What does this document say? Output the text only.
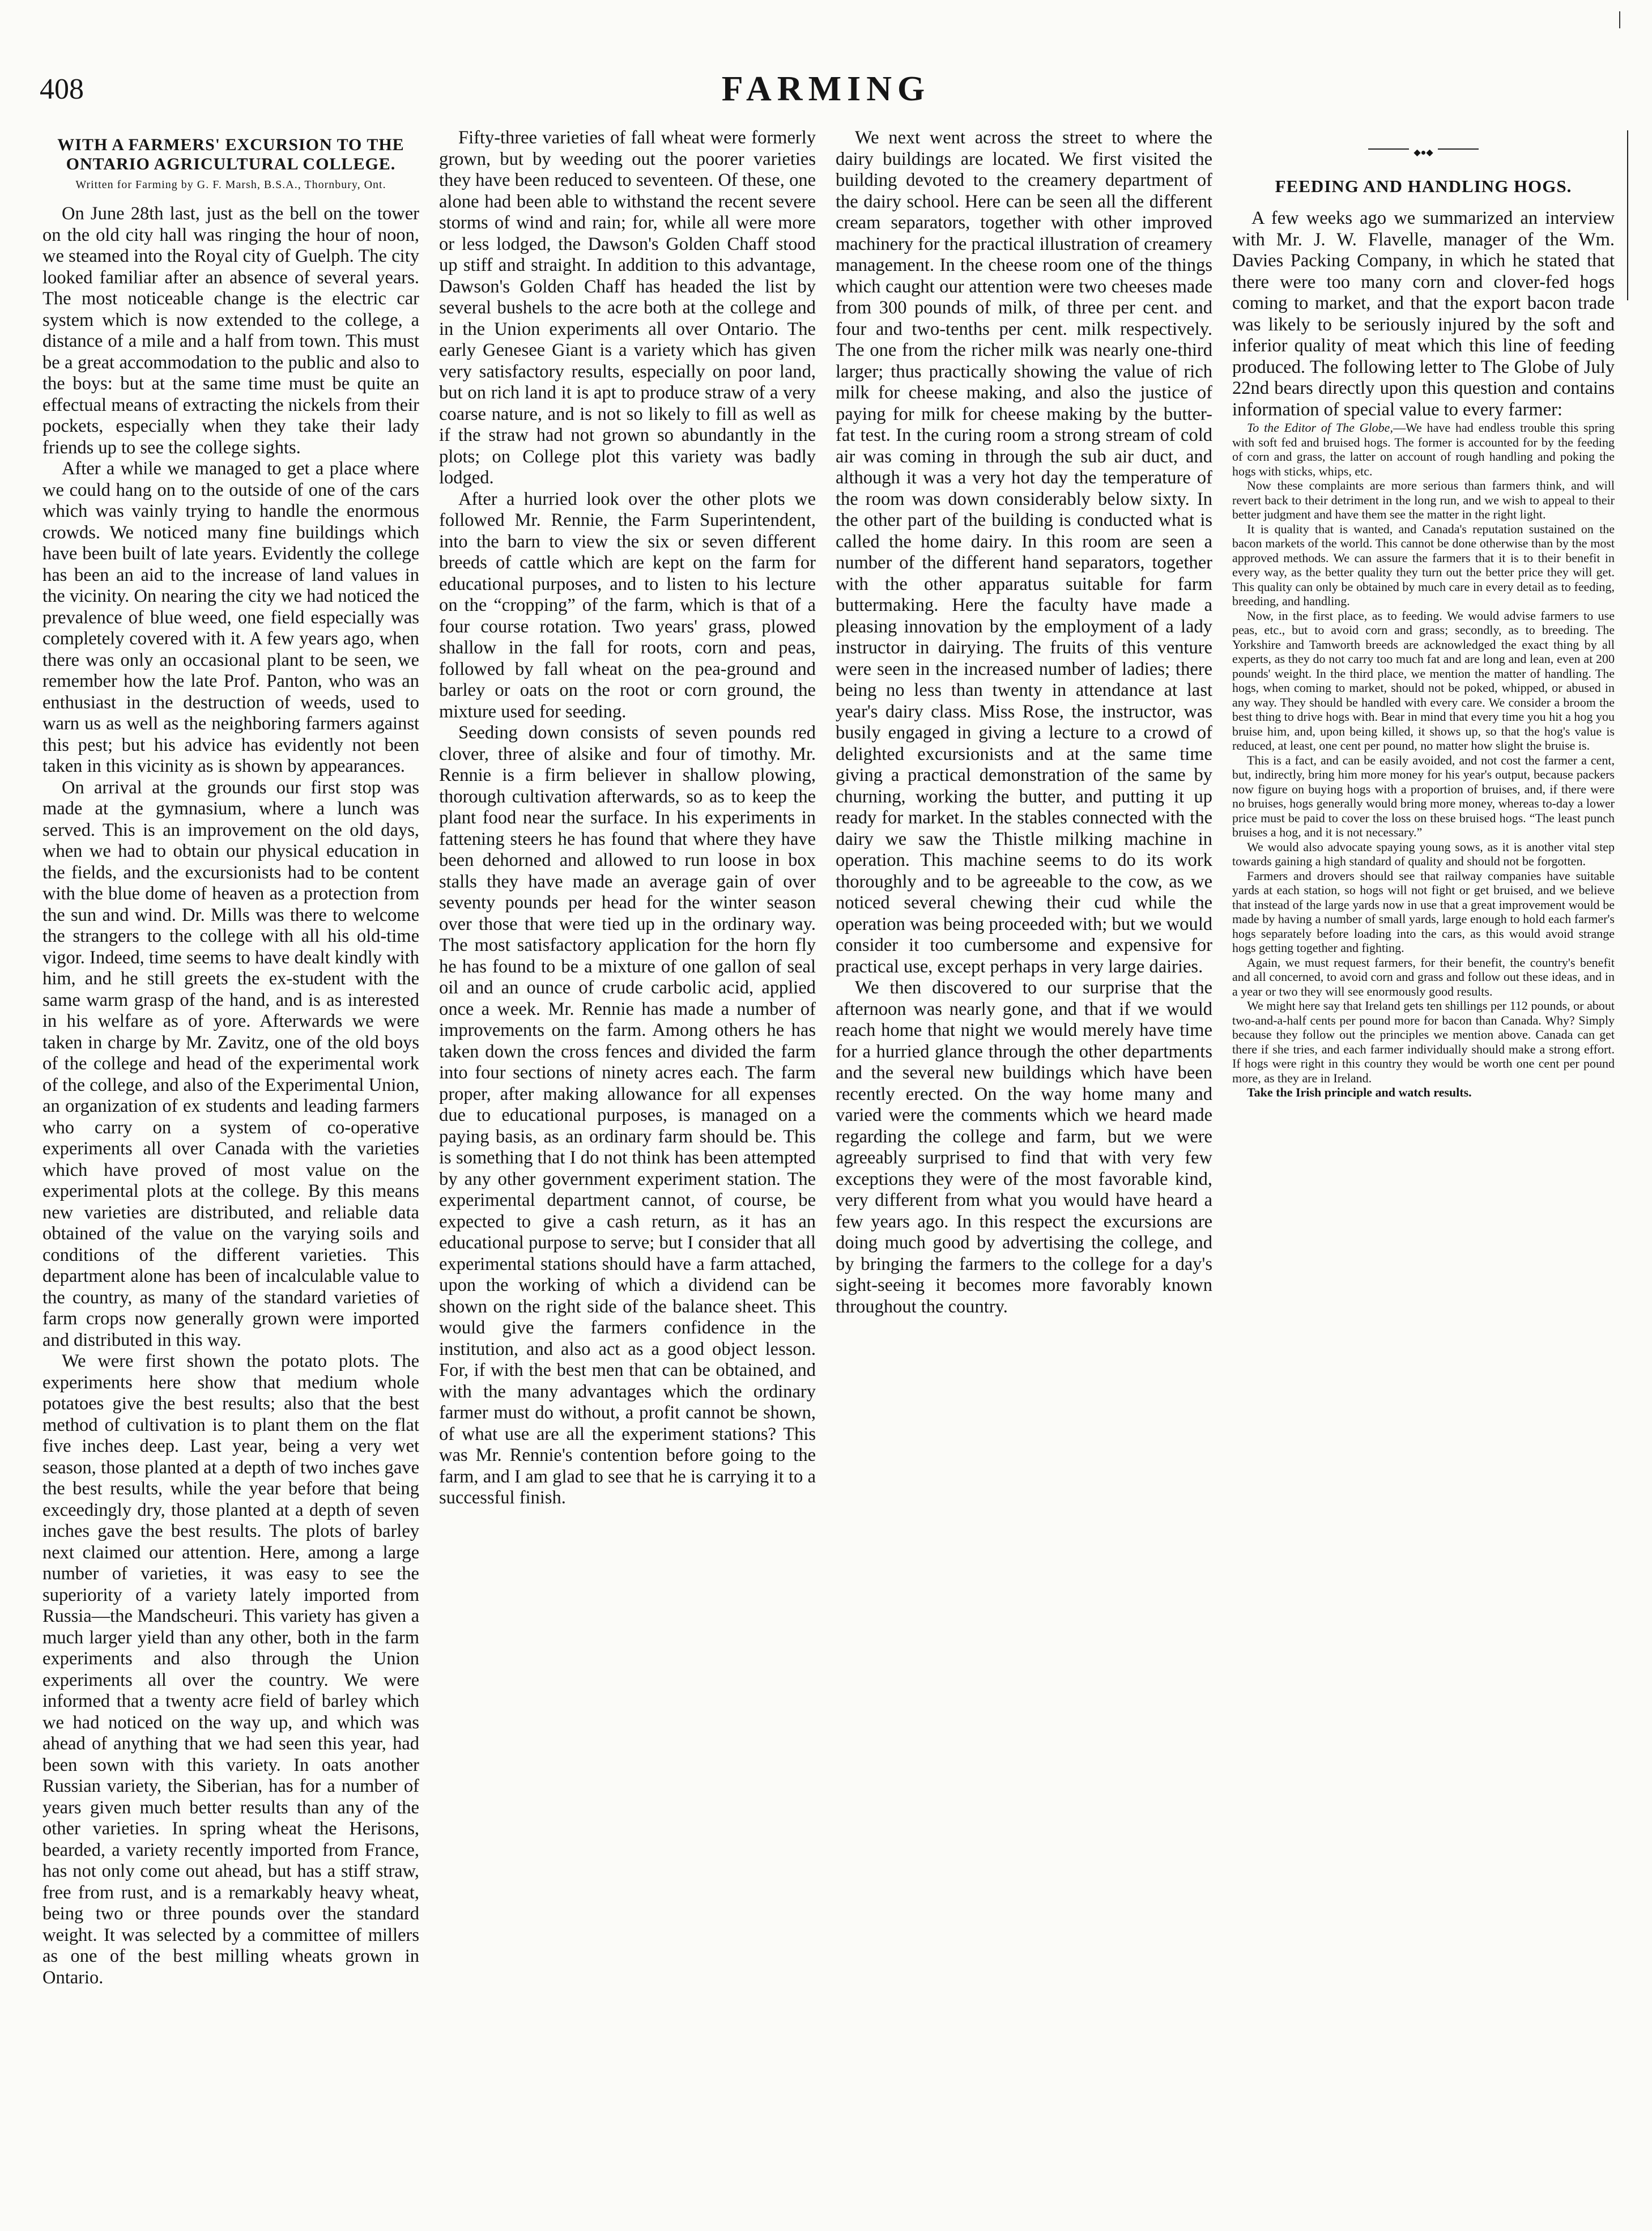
408	FARMING
WITH A FARMERS' EXCURSION TO THE ONTARIO AGRICULTURAL COLLEGE.
Written for Farming by G. F. Marsh, B.S.A., Thornbury, Ont.

On June 28th last, just as the bell on the tower on the old city hall was ringing the hour of noon, we steamed into the Royal city of Guelph. The city looked familiar after an absence of several years. The most noticeable change is the electric car system which is now extended to the college, a distance of a mile and a half from town. This must be a great accommodation to the public and also to the boys: but at the same time must be quite an effectual means of extracting the nickels from their pockets, especially when they take their lady friends up to see the college sights.

After a while we managed to get a place where we could hang on to the outside of one of the cars which was vainly trying to handle the enormous crowds. We noticed many fine buildings which have been built of late years. Evidently the college has been an aid to the increase of land values in the vicinity. On nearing the city we had noticed the prevalence of blue weed, one field especially was completely covered with it. A few years ago, when there was only an occasional plant to be seen, we remember how the late Prof. Panton, who was an enthusiast in the destruction of weeds, used to warn us as well as the neighboring farmers against this pest; but his advice has evidently not been taken in this vicinity as is shown by appearances.

On arrival at the grounds our first stop was made at the gymnasium, where a lunch was served. This is an improvement on the old days, when we had to obtain our physical education in the fields, and the excursionists had to be content with the blue dome of heaven as a protection from the sun and wind. Dr. Mills was there to welcome the strangers to the college with all his old-time vigor. Indeed, time seems to have dealt kindly with him, and he still greets the ex-student with the same warm grasp of the hand, and is as interested in his welfare as of yore. Afterwards we were taken in charge by Mr. Zavitz, one of the old boys of the college and head of the experimental work of the college, and also of the Experimental Union, an organization of ex students and leading farmers who carry on a system of co-operative experiments all over Canada with the varieties which have proved of most value on the experimental plots at the college. By this means new varieties are distributed, and reliable data obtained of the value on the varying soils and conditions of the different varieties. This department alone has been of incalculable value to the country, as many of the standard varieties of farm crops now generally grown were imported and distributed in this way.

We were first shown the potato plots. The experiments here show that medium whole potatoes give the best results; also that the best method of cultivation is to plant them on the flat five inches deep. Last year, being a very wet season, those planted at a depth of two inches gave the best results, while the year before that being exceedingly dry, those planted at a depth of seven inches gave the best results. The plots of barley next claimed our attention. Here, among a large number of varieties, it was easy to see the superiority of a variety lately imported from Russia—the Mandscheuri. This variety has given a much larger yield than any other, both in the farm experiments and also through the Union experiments all over the country. We were informed that a twenty acre field of barley which we had noticed on the way up, and which was ahead of anything that we had seen this year, had been sown with this variety. In oats another Russian variety, the Siberian, has for a number of years given much better results than any of the other varieties. In spring wheat the Herisons, bearded, a variety recently imported from France, has not only come out ahead, but has a stiff straw, free from rust, and is a remarkably heavy wheat, being two or three pounds over the standard weight. It was selected by a committee of millers as one of the best milling wheats grown in Ontario.

Fifty-three varieties of fall wheat were formerly grown, but by weeding out the poorer varieties they have been reduced to seventeen. Of these, one alone had been able to withstand the recent severe storms of wind and rain; for, while all were more or less lodged, the Dawson's Golden Chaff stood up stiff and straight. In addition to this advantage, Dawson's Golden Chaff has headed the list by several bushels to the acre both at the college and in the Union experiments all over Ontario. The early Genesee Giant is a variety which has given very satisfactory results, especially on poor land, but on rich land it is apt to produce straw of a very coarse nature, and is not so likely to fill as well as if the straw had not grown so abundantly in the plots; on College plot this variety was badly lodged.

After a hurried look over the other plots we followed Mr. Rennie, the Farm Superintendent, into the barn to view the six or seven different breeds of cattle which are kept on the farm for educational purposes, and to listen to his lecture on the “cropping” of the farm, which is that of a four course rotation. Two years' grass, plowed shallow in the fall for roots, corn and peas, followed by fall wheat on the pea-ground and barley or oats on the root or corn ground, the mixture used for seeding.

Seeding down consists of seven pounds red clover, three of alsike and four of timothy. Mr. Rennie is a firm believer in shallow plowing, thorough cultivation afterwards, so as to keep the plant food near the surface. In his experiments in fattening steers he has found that where they have been dehorned and allowed to run loose in box stalls they have made an average gain of over seventy pounds per head for the winter season over those that were tied up in the ordinary way. The most satisfactory application for the horn fly he has found to be a mixture of one gallon of seal oil and an ounce of crude carbolic acid, applied once a week. Mr. Rennie has made a number of improvements on the farm. Among others he has taken down the cross fences and divided the farm into four sections of ninety acres each. The farm proper, after making allowance for all expenses due to educational purposes, is managed on a paying basis, as an ordinary farm should be. This is something that I do not think has been attempted by any other government experiment station. The experimental department cannot, of course, be expected to give a cash return, as it has an educational purpose to serve; but I consider that all experimental stations should have a farm attached, upon the working of which a dividend can be shown on the right side of the balance sheet. This would give the farmers confidence in the institution, and also act as a good object lesson. For, if with the best men that can be obtained, and with the many advantages which the ordinary farmer must do without, a profit cannot be shown, of what use are all the experiment stations? This was Mr. Rennie's contention before going to the farm, and I am glad to see that he is carrying it to a successful finish.

We next went across the street to where the dairy buildings are located. We first visited the building devoted to the creamery department of the dairy school. Here can be seen all the different cream separators, together with other improved machinery for the practical illustration of creamery management. In the cheese room one of the things which caught our attention were two cheeses made from 300 pounds of milk, of three per cent. and four and two-tenths per cent. milk respectively. The one from the richer milk was nearly one-third larger; thus practically showing the value of rich milk for cheese making, and also the justice of paying for milk for cheese making by the butter-fat test. In the curing room a strong stream of cold air was coming in through the sub air duct, and although it was a very hot day the temperature of the room was down considerably below sixty. In the other part of the building is conducted what is called the home dairy. In this room are seen a number of the different hand separators, together with the other apparatus suitable for farm buttermaking. Here the faculty have made a pleasing innovation by the employment of a lady instructor in dairying. The fruits of this venture were seen in the increased number of ladies; there being no less than twenty in attendance at last year's dairy class. Miss Rose, the instructor, was busily engaged in giving a lecture to a crowd of delighted excursionists and at the same time giving a practical demonstration of the same by churning, working the butter, and putting it up ready for market. In the stables connected with the dairy we saw the Thistle milking machine in operation. This machine seems to do its work thoroughly and to be agreeable to the cow, as we noticed several chewing their cud while the operation was being proceeded with; but we would consider it too cumbersome and expensive for practical use, except perhaps in very large dairies.

We then discovered to our surprise that the afternoon was nearly gone, and that if we would reach home that night we would merely have time for a hurried glance through the other departments and the several new buildings which have been recently erected. On the way home many and varied were the comments which we heard made regarding the college and farm, but we were agreeably surprised to find that with very few exceptions they were of the most favorable kind, very different from what you would have heard a few years ago. In this respect the excursions are doing much good by advertising the college, and by bringing the farmers to the college for a day's sight-seeing it becomes more favorably known throughout the country.

◆●◆
FEEDING AND HANDLING HOGS.

A few weeks ago we summarized an interview with Mr. J. W. Flavelle, manager of the Wm. Davies Packing Company, in which he stated that there were too many corn and clover-fed hogs coming to market, and that the export bacon trade was likely to be seriously injured by the soft and inferior quality of meat which this line of feeding produced. The following letter to The Globe of July 22nd bears directly upon this question and contains information of special value to every farmer:

To the Editor of The Globe,—We have had endless trouble this spring with soft fed and bruised hogs. The former is accounted for by the feeding of corn and grass, the latter on account of rough handling and poking the hogs with sticks, whips, etc.

Now these complaints are more serious than farmers think, and will revert back to their detriment in the long run, and we wish to appeal to their better judgment and have them see the matter in the right light.

It is quality that is wanted, and Canada's reputation sustained on the bacon markets of the world. This cannot be done otherwise than by the most approved methods. We can assure the farmers that it is to their benefit in every way, as the better quality they turn out the better price they will get. This quality can only be obtained by much care in every detail as to feeding, breeding, and handling.

Now, in the first place, as to feeding. We would advise farmers to use peas, etc., but to avoid corn and grass; secondly, as to breeding. The Yorkshire and Tamworth breeds are acknowledged the exact thing by all experts, as they do not carry too much fat and are long and lean, even at 200 pounds' weight. In the third place, we mention the matter of handling. The hogs, when coming to market, should not be poked, whipped, or abused in any way. They should be handled with every care. We consider a broom the best thing to drive hogs with. Bear in mind that every time you hit a hog you bruise him, and, upon being killed, it shows up, so that the hog's value is reduced, at least, one cent per pound, no matter how slight the bruise is.

This is a fact, and can be easily avoided, and not cost the farmer a cent, but, indirectly, bring him more money for his year's output, because packers now figure on buying hogs with a proportion of bruises, and, if there were no bruises, hogs generally would bring more money, whereas to-day a lower price must be paid to cover the loss on these bruised hogs. “The least punch bruises a hog, and it is not necessary.”

We would also advocate spaying young sows, as it is another vital step towards gaining a high standard of quality and should not be forgotten.

Farmers and drovers should see that railway companies have suitable yards at each station, so hogs will not fight or get bruised, and we believe that instead of the large yards now in use that a great improvement would be made by having a number of small yards, large enough to hold each farmer's hogs separately before loading into the cars, as this would avoid strange hogs getting together and fighting.

Again, we must request farmers, for their benefit, the country's benefit and all concerned, to avoid corn and grass and follow out these ideas, and in a year or two they will see enormously good results.

We might here say that Ireland gets ten shillings per 112 pounds, or about two-and-a-half cents per pound more for bacon than Canada. Why? Simply because they follow out the principles we mention above. Canada can get there if she tries, and each farmer individually should make a strong effort. If hogs were right in this country they would be worth one cent per pound more, as they are in Ireland.

Take the Irish principle and watch results.
